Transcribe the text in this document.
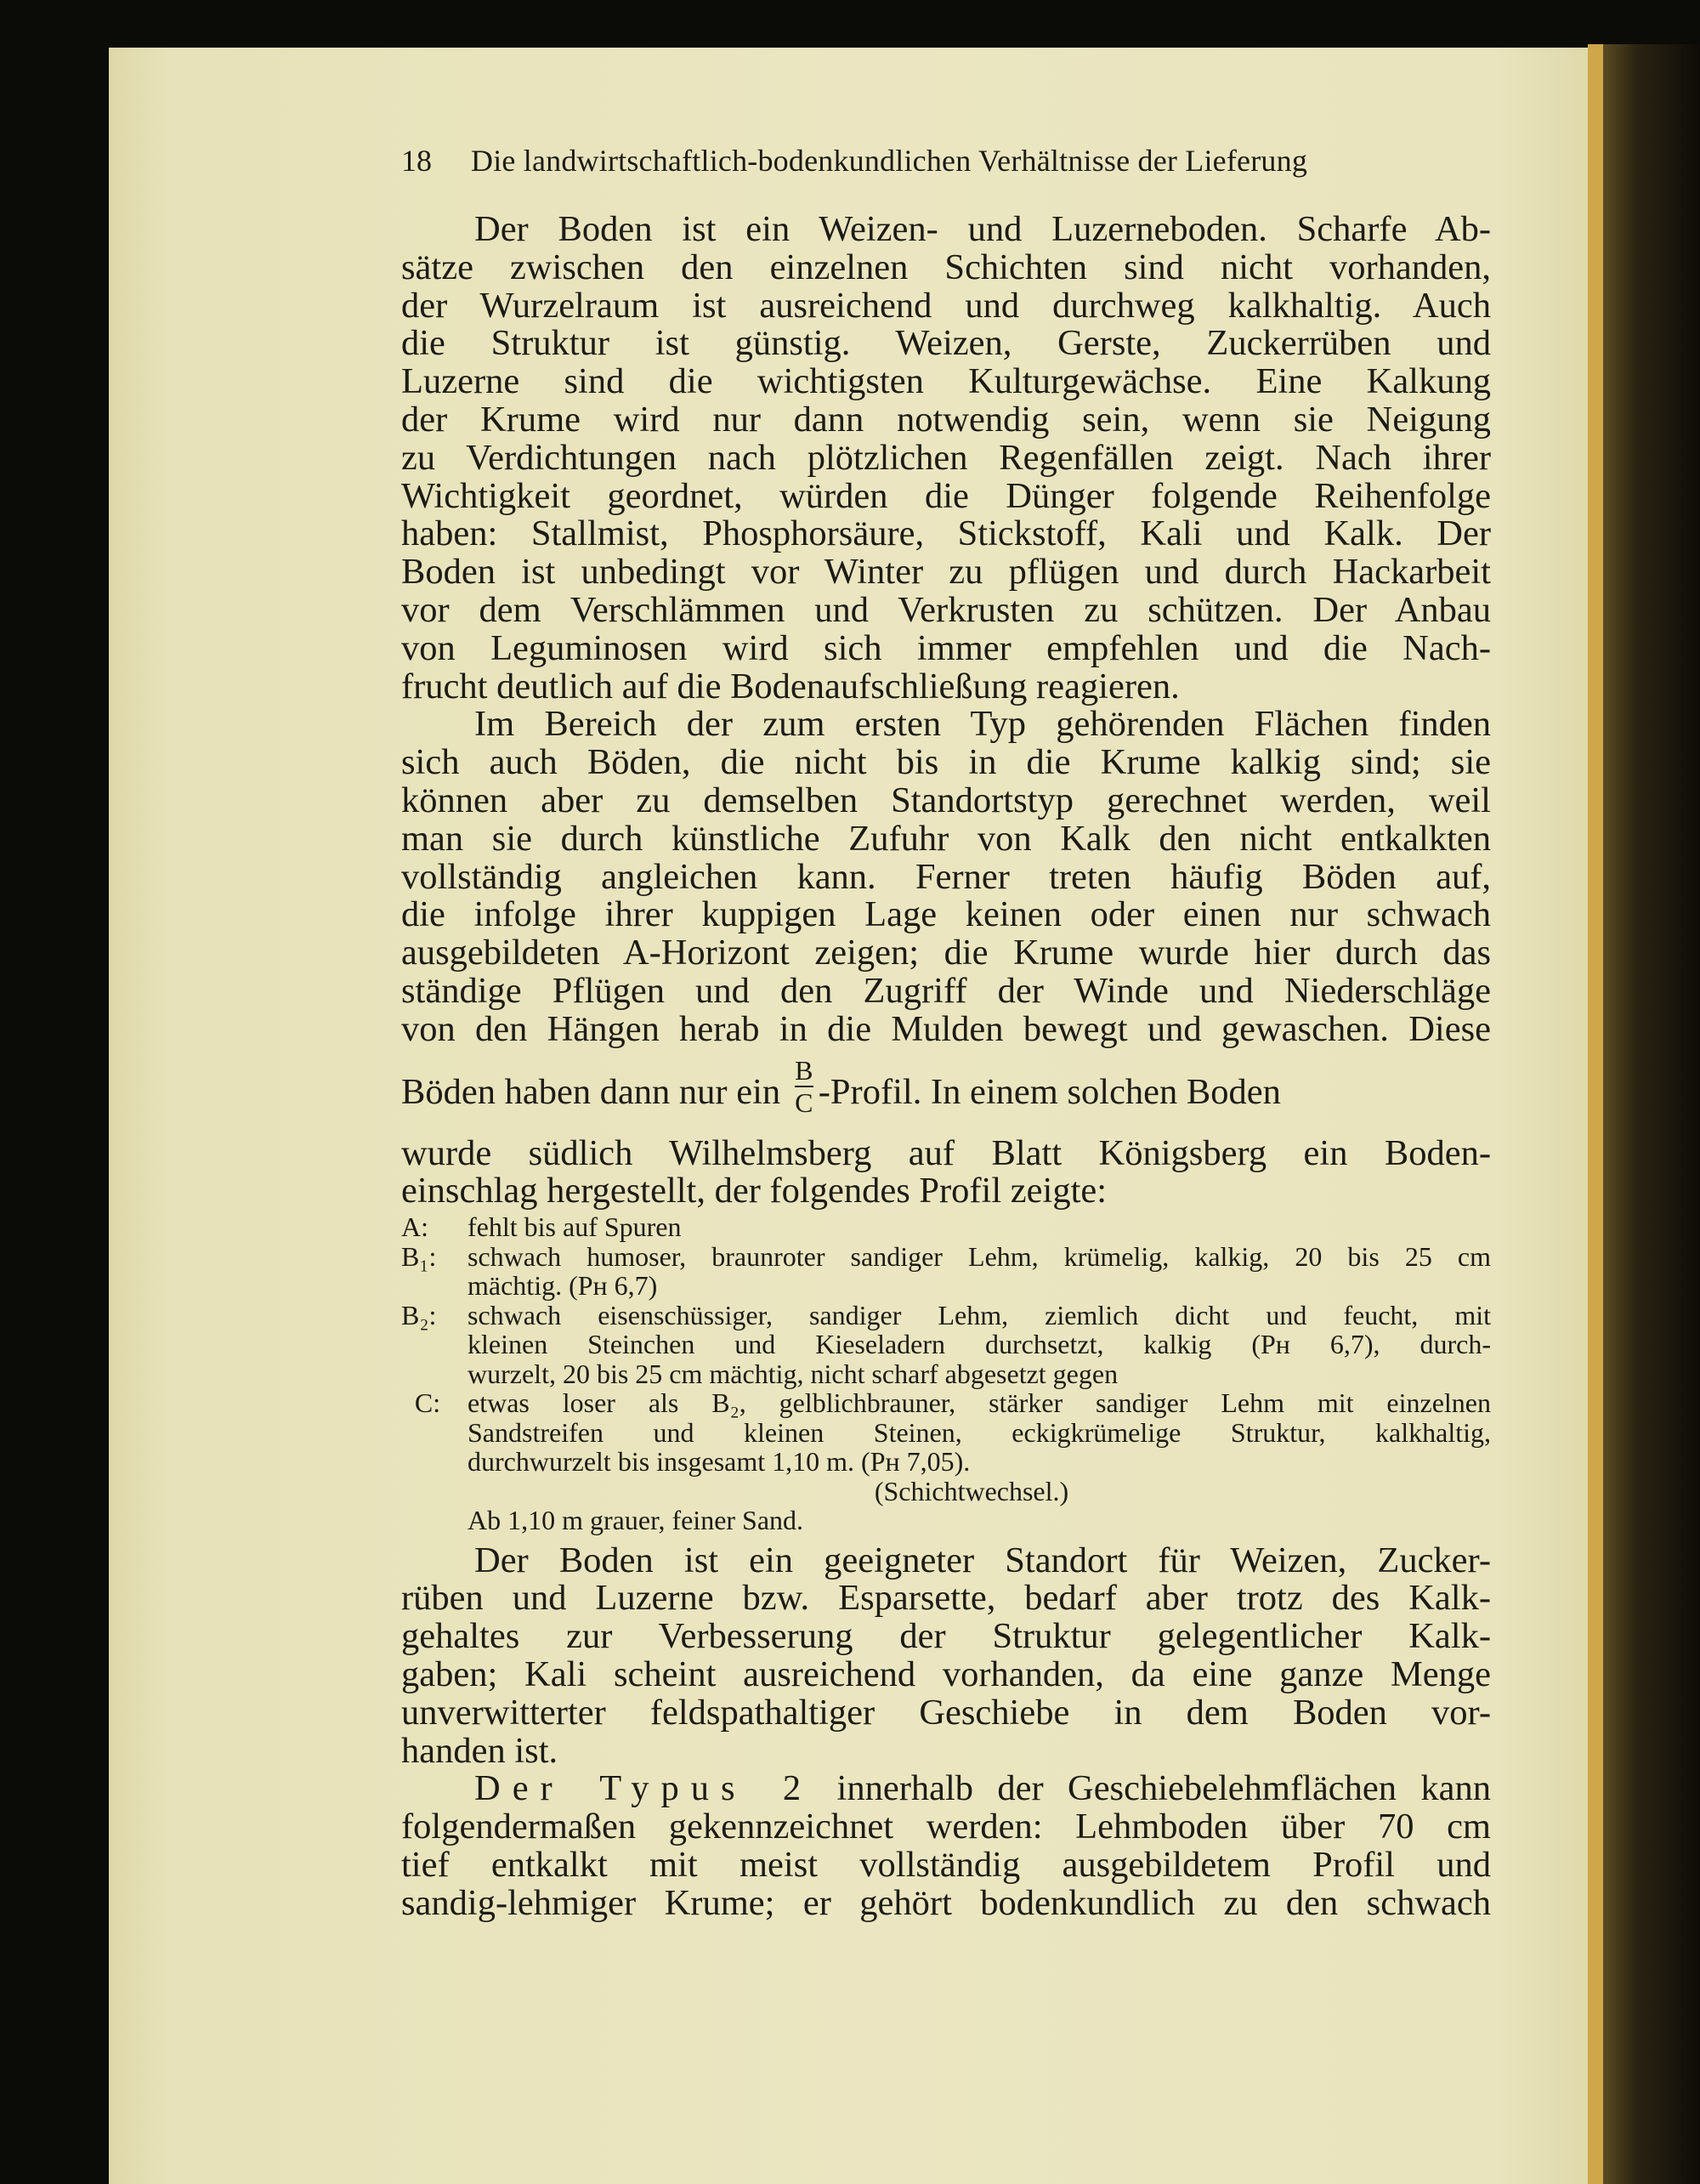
18	Die landwirtschaftlich-bodenkundlichen Verhältnisse der Lieferung

Der Boden ist ein Weizen- und Luzerneboden. Scharfe Ab-

sätze zwischen den einzelnen Schichten sind nicht vorhanden,

der Wurzelraum ist ausreichend und durchweg kalkhaltig. Auch

die Struktur ist günstig. Weizen, Gerste, Zuckerrüben und

Luzerne sind die wichtigsten Kulturgewächse. Eine Kalkung

der Krume wird nur dann notwendig sein, wenn sie Neigung

zu Verdichtungen nach plötzlichen Regenfällen zeigt. Nach ihrer

Wichtigkeit geordnet, würden die Dünger folgende Reihenfolge

haben: Stallmist, Phosphorsäure, Stickstoff, Kali und Kalk. Der

Boden ist unbedingt vor Winter zu pflügen und durch Hackarbeit

vor dem Verschlämmen und Verkrusten zu schützen. Der Anbau

von Leguminosen wird sich immer empfehlen und die Nach-

frucht deutlich auf die Bodenaufschließung reagieren.

Im Bereich der zum ersten Typ gehörenden Flächen finden

sich auch Böden, die nicht bis in die Krume kalkig sind; sie

können aber zu demselben Standortstyp gerechnet werden, weil

man sie durch künstliche Zufuhr von Kalk den nicht entkalkten

vollständig angleichen kann. Ferner treten häufig Böden auf,

die infolge ihrer kuppigen Lage keinen oder einen nur schwach

ausgebildeten A-Horizont zeigen; die Krume wurde hier durch das

ständige Pflügen und den Zugriff der Winde und Niederschläge

von den Hängen herab in die Mulden bewegt und gewaschen. Diese

Böden haben dann nur ein $\frac{B}{C}$ -Profil. In einem solchen Boden

wurde südlich Wilhelmsberg auf Blatt Königsberg ein Boden-

einschlag hergestellt, der folgendes Profil zeigte:

A:	fehlt bis auf Spuren
B₁:	schwach humoser, braunroter sandiger Lehm, krümelig, kalkig, 20 bis 25 cm
mächtig. (Pʜ 6,7)
B₂:	schwach eisenschüssiger, sandiger Lehm, ziemlich dicht und feucht, mit
kleinen Steinchen und Kieseladern durchsetzt, kalkig (Pʜ 6,7), durch-
wurzelt, 20 bis 25 cm mächtig, nicht scharf abgesetzt gegen
C: etwas loser als B₂, gelblichbrauner, stärker sandiger Lehm mit einzelnen
Sandstreifen und kleinen Steinen, eckigkrümelige Struktur, kalkhaltig,
durchwurzelt bis insgesamt 1,10 m. (Pʜ 7,05).
(Schichtwechsel.)
Ab 1,10 m grauer, feiner Sand.

Der Boden ist ein geeigneter Standort für Weizen, Zucker-

rüben und Luzerne bzw. Esparsette, bedarf aber trotz des Kalk-

gehaltes zur Verbesserung der Struktur gelegentlicher Kalk-

gaben; Kali scheint ausreichend vorhanden, da eine ganze Menge

unverwitterter feldspathaltiger Geschiebe in dem Boden vor-

handen ist.

Der Typus 2 innerhalb der Geschiebelehmflächen kann

folgendermaßen gekennzeichnet werden: Lehmboden über 70 cm

tief entkalkt mit meist vollständig ausgebildetem Profil und

sandig-lehmiger Krume; er gehört bodenkundlich zu den schwach
